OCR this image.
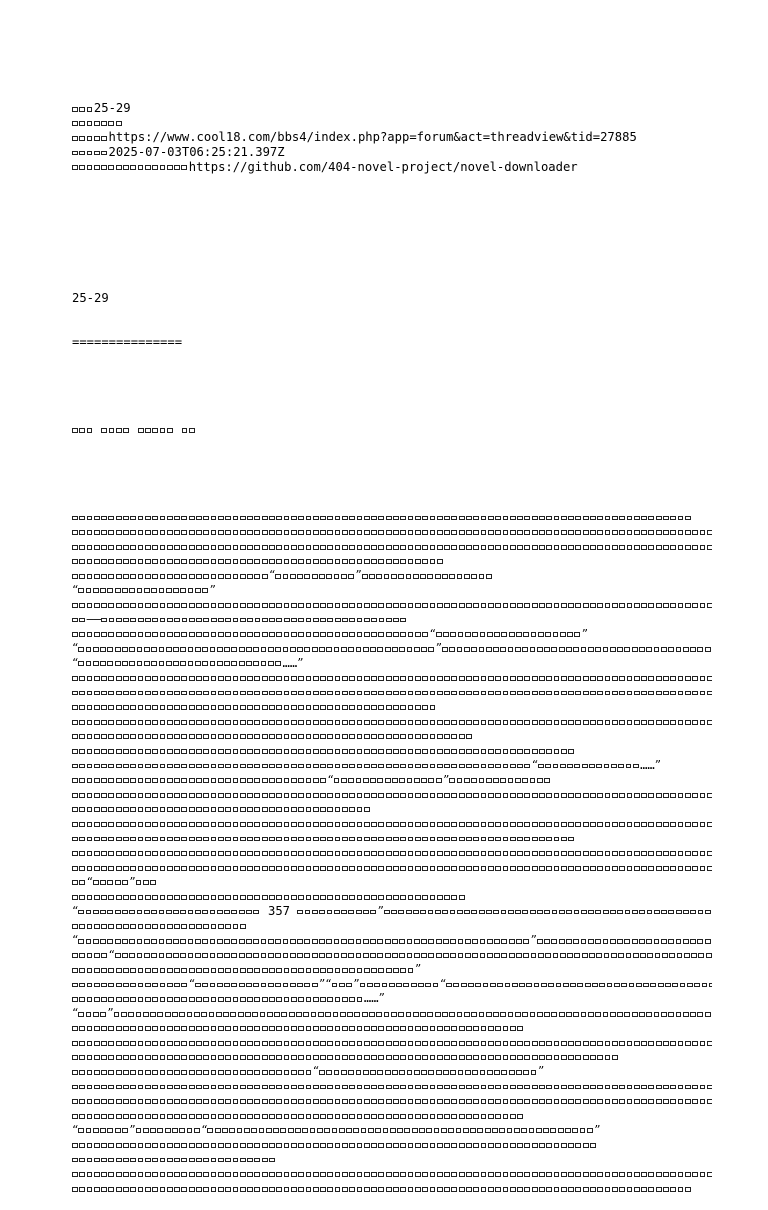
25-29
https://www.cool18.com/bbs4/index.php?app=forum&act=threadview&tid=27885
2025-07-03T06:25:21.397Z
https://github.com/404-novel-project/novel-downloader

25-29

===============

“	”
“	”
——
“	”
“	”
“	……”
“	……”
“	”
“	”
“	357	”
“	”
“
”
“	”“ ”	“
……”
“ ”
“	”
“	”	“	”
